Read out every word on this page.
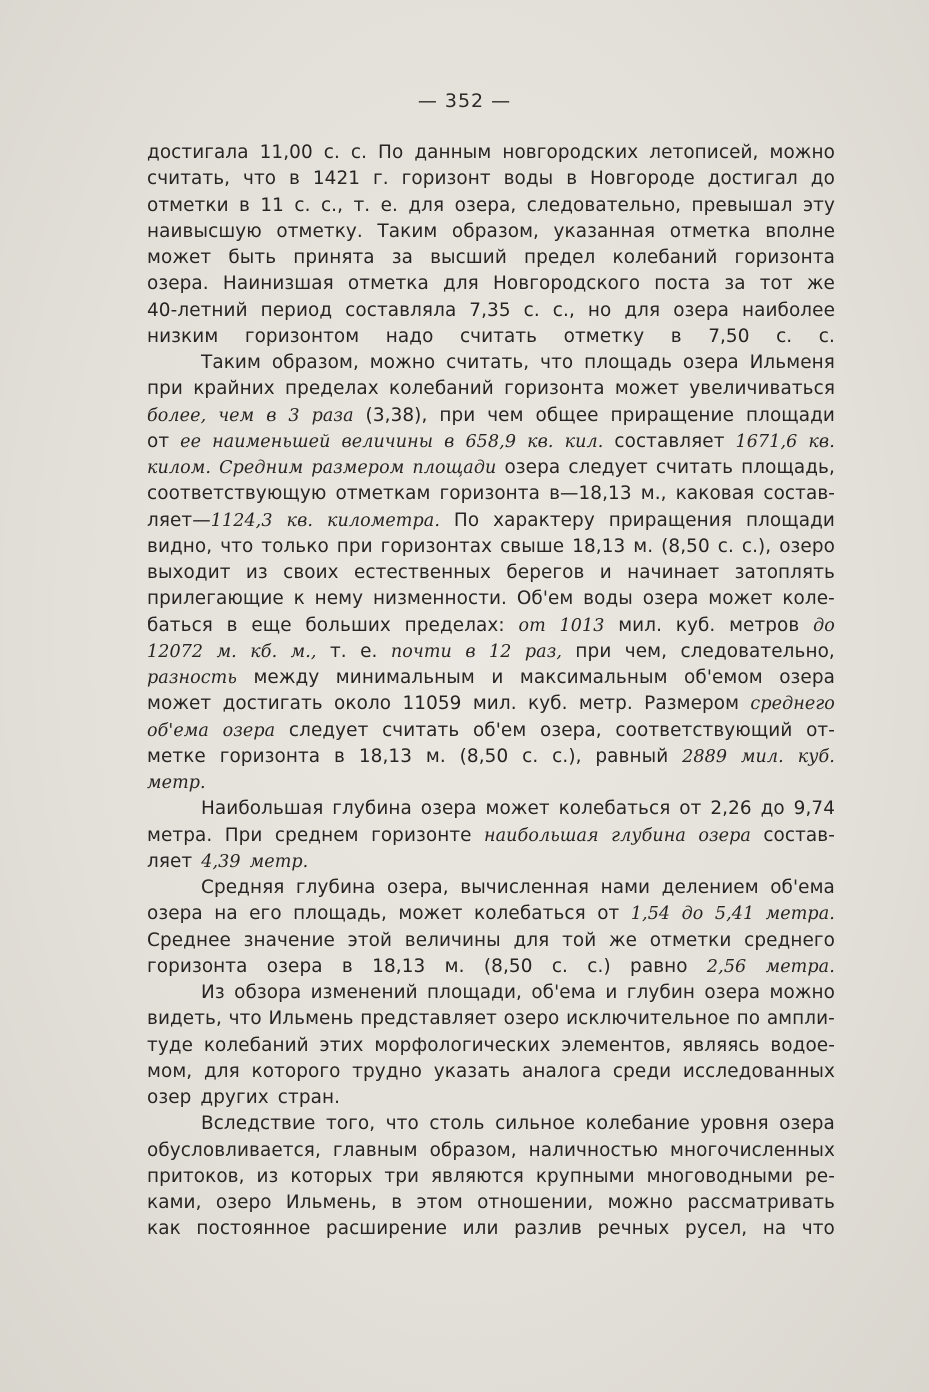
— 352 —
достигала 11,00 с. с. По данным новгородских летописей, можно
считать, что в 1421 г. горизонт воды в Новгороде достигал до
отметки в 11 с. с., т. е. для озера, следовательно, превышал эту
наивысшую отметку. Таким образом, указанная отметка вполне
может быть принята за высший предел колебаний горизонта
озера. Наинизшая отметка для Новгородского поста за тот же
40-летний период составляла 7,35 с. с., но для озера наиболее
низким горизонтом надо считать отметку в 7,50 с. с.
Таким образом, можно считать, что площадь озера Ильменя
при крайних пределах колебаний горизонта может увеличиваться
более, чем в 3 раза (3,38), при чем общее приращение площади
от ее наименьшей величины в 658,9 кв. кил. составляет 1671,6 кв.
килом. Средним размером площади озера следует считать площадь,
соответствующую отметкам горизонта в—18,13 м., каковая состав-
ляет—1124,3 кв. километра. По характеру приращения площади
видно, что только при горизонтах свыше 18,13 м. (8,50 с. с.), озеро
выходит из своих естественных берегов и начинает затоплять
прилегающие к нему низменности. Об'ем воды озера может коле-
баться в еще больших пределах: от 1013 мил. куб. метров до
12072 м. кб. м., т. е. почти в 12 раз, при чем, следовательно,
разность между минимальным и максимальным об'емом озера
может достигать около 11059 мил. куб. метр. Размером среднего
об'ема озера следует считать об'ем озера, соответствующий от-
метке горизонта в 18,13 м. (8,50 с. с.), равный 2889 мил. куб.
метр.
Наибольшая глубина озера может колебаться от 2,26 до 9,74
метра. При среднем горизонте наибольшая глубина озера состав-
ляет 4,39 метр.
Средняя глубина озера, вычисленная нами делением об'ема
озера на его площадь, может колебаться от 1,54 до 5,41 метра.
Среднее значение этой величины для той же отметки среднего
горизонта озера в 18,13 м. (8,50 с. с.) равно 2,56 метра.
Из обзора изменений площади, об'ема и глубин озера можно
видеть, что Ильмень представляет озеро исключительное по ампли-
туде колебаний этих морфологических элементов, являясь водое-
мом, для которого трудно указать аналога среди исследованных
озер других стран.
Вследствие того, что столь сильное колебание уровня озера
обусловливается, главным образом, наличностью многочисленных
притоков, из которых три являются крупными многоводными ре-
ками, озеро Ильмень, в этом отношении, можно рассматривать
как постоянное расширение или разлив речных русел, на что
